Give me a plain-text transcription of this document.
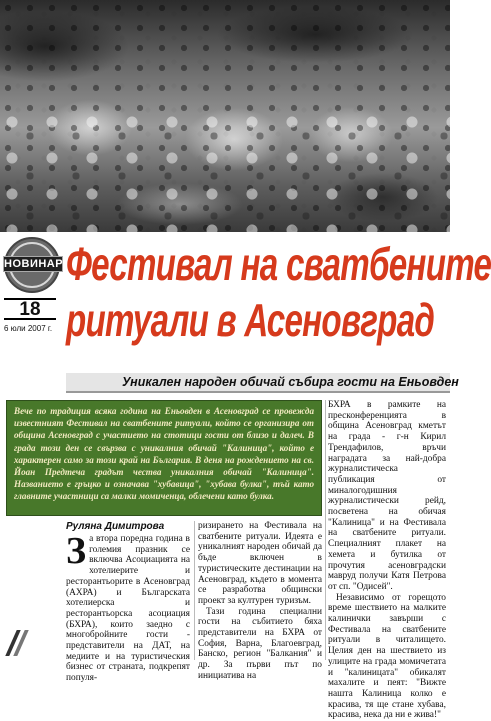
НОВИНАР
18
6 юли 2007 г.
Фестивал на сватбените
ритуали в Асеновград
Уникален народен обичай събира гости на Еньовден
Вече по традиция всяка година на Еньовден в Асеновград се провежда известният Фестивал на сватбените ритуали, който се организира от община Асеновград с участието на стотици гости от близо и далеч. В града този ден се свързва с уникалния обичай "Калиница", който е характерен само за този край на България. В деня на рождението на св. Йоан Предтеча градът чества уникалния обичай "Калиница". Названието е гръцко и означава "хубавица", "хубава булка", тъй като главните участници са малки момиченца, облечени като булка.
Руляна Димитрова
З а втора поредна година в големия празник се включва Асоциацията на хотелиерите и ресторантьорите в Асеновград (АХРА) и Българската хотелиерска и ресторантьорска асоциация (БХРА), които заедно с многобройните гости - представители на ДАТ, на медиите и на туристическия бизнес от страната, подкрепят популя-

ризирането на Фестивала на сватбените ритуали. Идеята е уникалният народен обичай да бъде включен в туристическите дестинации на Асеновград, където в момента се разработва общински проект за културен туризъм.

Тази година специални гости на събитието бяха представители на БХРА от София, Варна, Благоевград, Банско, регион "Балкания" и др. За първи път по инициатива на

БХРА в рамките на пресконференцията в община Асеновград кметът на града - г-н Кирил Трендафилов, връчи наградата за най-добра журналистическа публикация от миналогодишния журналистически рейд, посветена на обичая "Калиница" и на Фестивала на сватбените ритуали. Специалният плакет на хемета и бутилка от прочутия асеновградски мавруд получи Катя Петрова от сп. "Одисей".

Независимо от горещото време шествието на малките калинички завърши с Фестивала на сватбените ритуали в читалището. Целия ден на шествието из улиците на града момичетата и "калиницата" обикалят махалите и пеят: "Вижте нашта Калиница колко е красива, тя ще стане хубава, красива, нека да ни е жива!"
